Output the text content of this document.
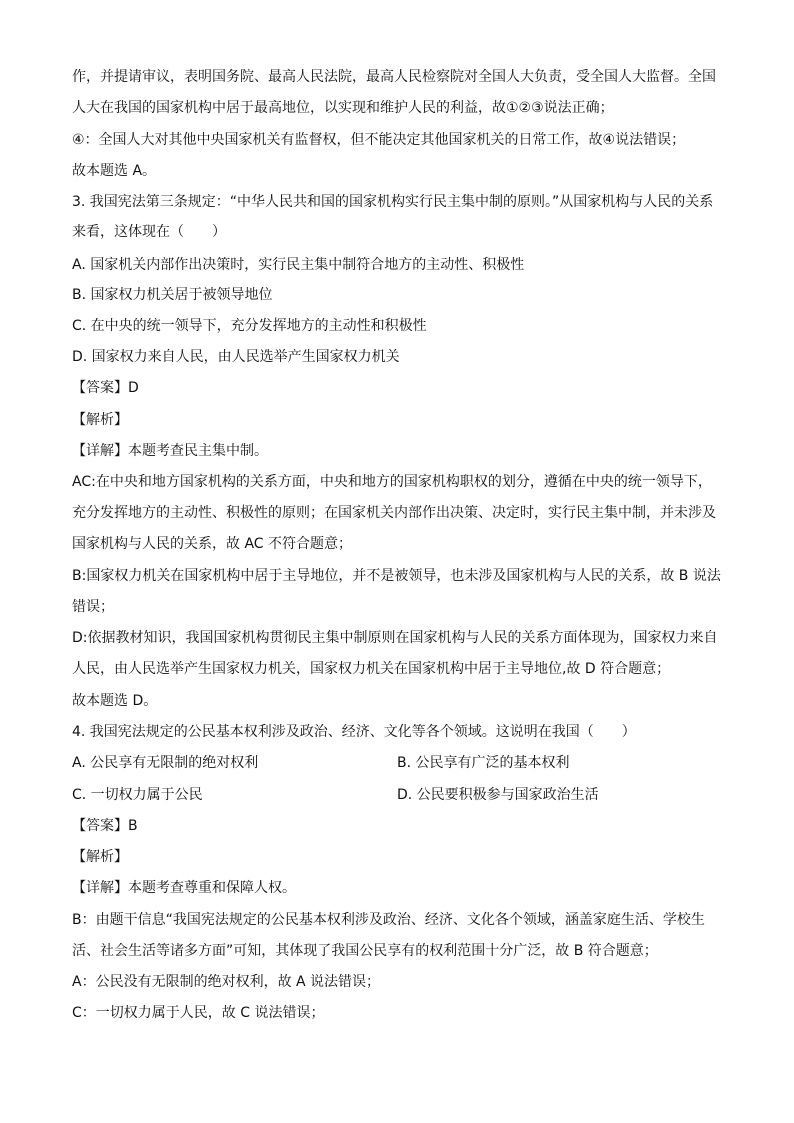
作，并提请审议，表明国务院、最高人民法院，最高人民检察院对全国人大负责，受全国人大监督。全国
人大在我国的国家机构中居于最高地位，以实现和维护人民的利益，故①②③说法正确；
④：全国人大对其他中央国家机关有监督权，但不能决定其他国家机关的日常工作，故④说法错误；
故本题选 A。
3. 我国宪法第三条规定：“中华人民共和国的国家机构实行民主集中制的原则。”从国家机构与人民的关系
来看，这体现在（　　）
A. 国家机关内部作出决策时，实行民主集中制符合地方的主动性、积极性
B. 国家权力机关居于被领导地位
C. 在中央的统一领导下，充分发挥地方的主动性和积极性
D. 国家权力来自人民，由人民选举产生国家权力机关
【答案】D
【解析】
【详解】本题考查民主集中制。
AC:在中央和地方国家机构的关系方面，中央和地方的国家机构职权的划分，遵循在中央的统一领导下，
充分发挥地方的主动性、积极性的原则；在国家机关内部作出决策、决定时，实行民主集中制，并未涉及
国家机构与人民的关系，故 AC 不符合题意；
B:国家权力机关在国家机构中居于主导地位，并不是被领导，也未涉及国家机构与人民的关系，故 B 说法
错误；
D:依据教材知识，我国国家机构贯彻民主集中制原则在国家机构与人民的关系方面体现为，国家权力来自
人民，由人民选举产生国家权力机关，国家权力机关在国家机构中居于主导地位,故 D 符合题意；
故本题选 D。
4. 我国宪法规定的公民基本权利涉及政治、经济、文化等各个领域。这说明在我国（　　）
A. 公民享有无限制的绝对权利	B. 公民享有广泛的基本权利
C. 一切权力属于公民	D. 公民要积极参与国家政治生活
【答案】B
【解析】
【详解】本题考查尊重和保障人权。
B：由题干信息“我国宪法规定的公民基本权利涉及政治、经济、文化各个领域，涵盖家庭生活、学校生
活、社会生活等诸多方面”可知，其体现了我国公民享有的权利范围十分广泛，故 B 符合题意；
A：公民没有无限制的绝对权利，故 A 说法错误；
C：一切权力属于人民，故 C 说法错误；
